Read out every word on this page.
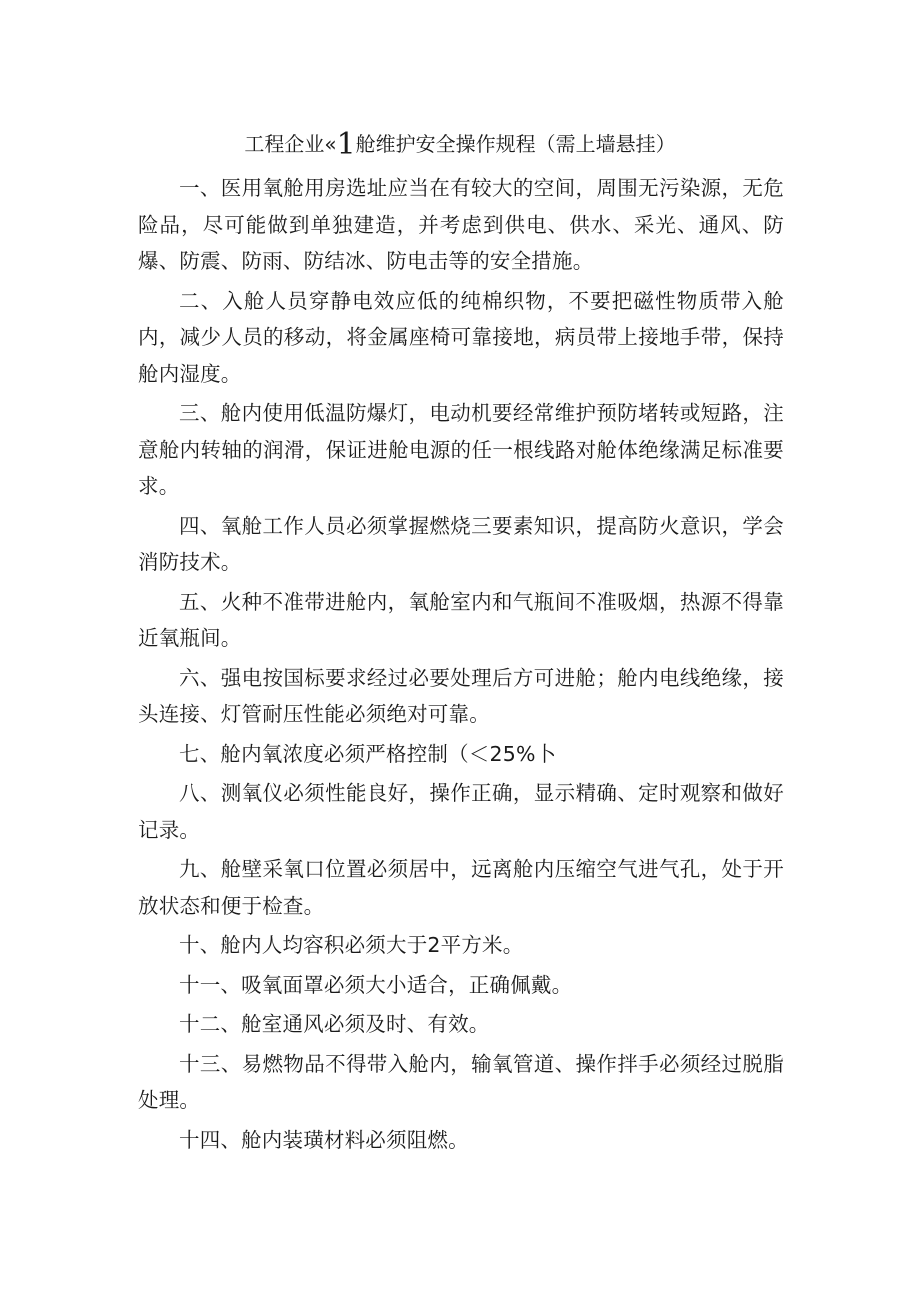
工程企业«1舱维护安全操作规程（需上墙悬挂）

一、医用氧舱用房选址应当在有较大的空间，周围无污染源，无危险品，尽可能做到单独建造，并考虑到供电、供水、采光、通风、防爆、防震、防雨、防结冰、防电击等的安全措施。

二、入舱人员穿静电效应低的纯棉织物，不要把磁性物质带入舱内，减少人员的移动，将金属座椅可靠接地，病员带上接地手带，保持舱内湿度。

三、舱内使用低温防爆灯，电动机要经常维护预防堵转或短路，注意舱内转轴的润滑，保证进舱电源的任一根线路对舱体绝缘满足标准要求。

四、氧舱工作人员必须掌握燃烧三要素知识，提高防火意识，学会消防技术。

五、火种不准带进舱内，氧舱室内和气瓶间不准吸烟，热源不得靠近氧瓶间。

六、强电按国标要求经过必要处理后方可进舱；舱内电线绝缘，接头连接、灯管耐压性能必须绝对可靠。

七、舱内氧浓度必须严格控制（＜25%卜

八、测氧仪必须性能良好，操作正确，显示精确、定时观察和做好记录。

九、舱壁采氧口位置必须居中，远离舱内压缩空气进气孔，处于开放状态和便于检查。

十、舱内人均容积必须大于2平方米。

十一、吸氧面罩必须大小适合，正确佩戴。

十二、舱室通风必须及时、有效。

十三、易燃物品不得带入舱内，输氧管道、操作拌手必须经过脱脂处理。

十四、舱内装璜材料必须阻燃。
